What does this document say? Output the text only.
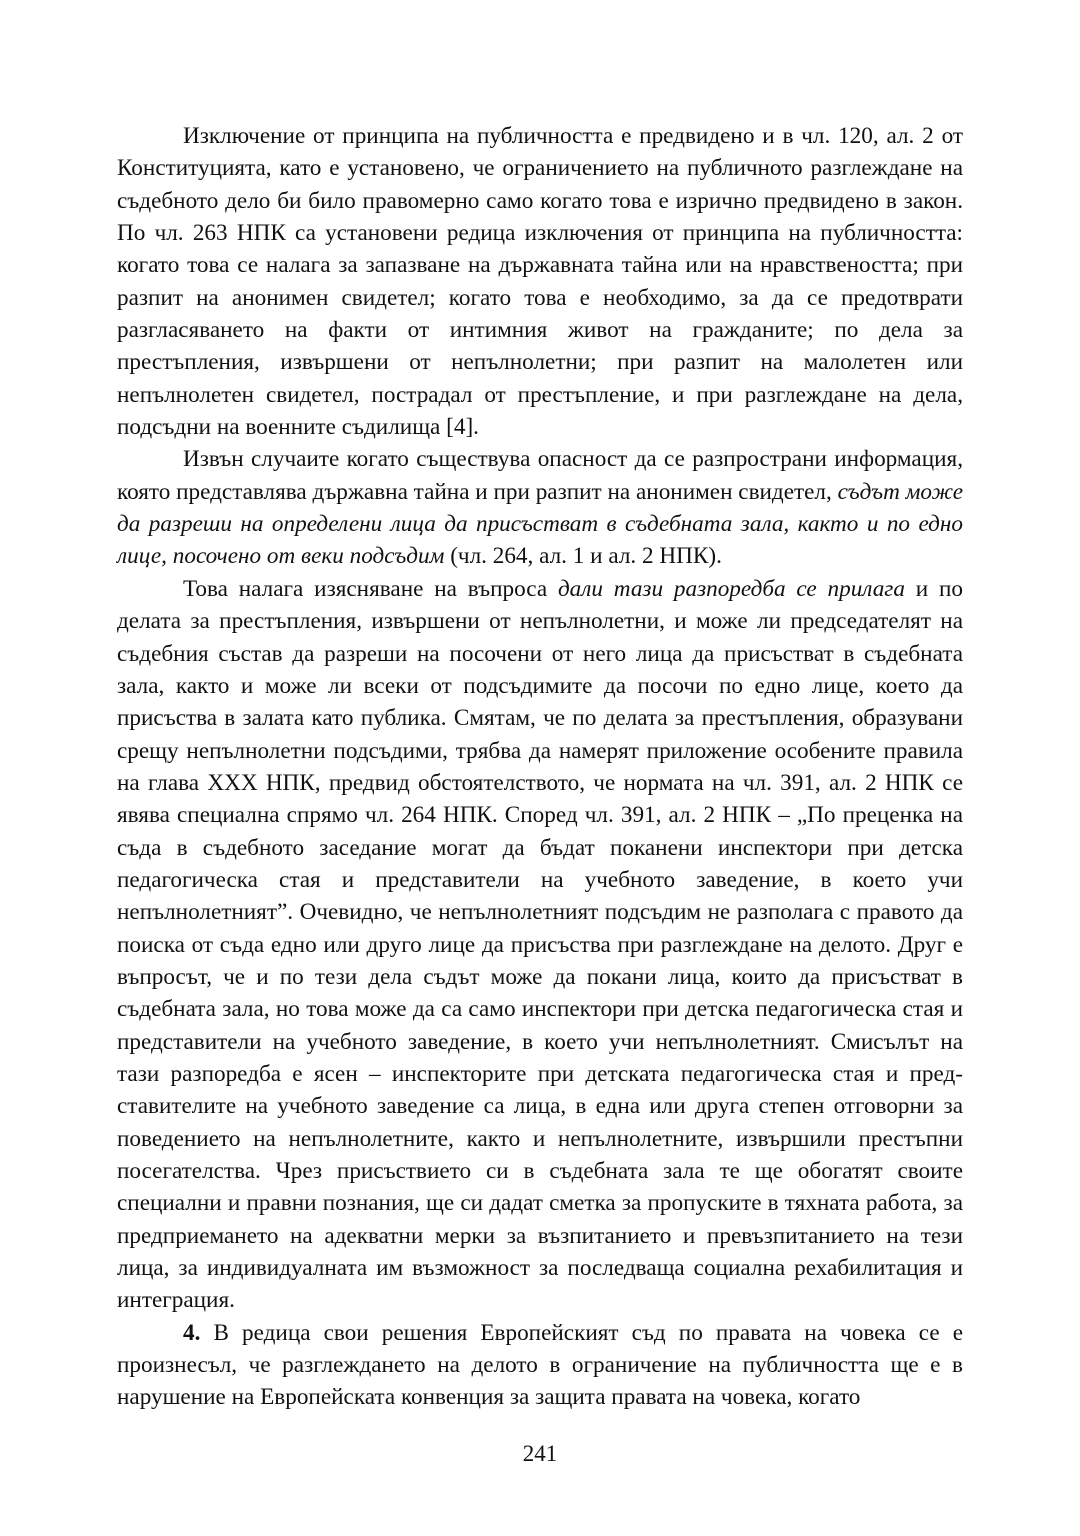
Изключение от принципа на публичността е предвидено и в чл. 120, ал. 2 от Конституцията, като е установено, че ограничението на публичното разглеждане на съдебното дело би било правомерно само когато това е изрично предвидено в закон. По чл. 263 НПК са установени редица изключения от принципа на публичността: когато това се налага за запазване на държавната тайна или на нравствеността; при разпит на анонимен свидетел; когато това е необходимо, за да се предотврати разгласяването на факти от интимния живот на гражданите; по дела за престъпления, извършени от непълнолетни; при разпит на малолетен или непълнолетен свидетел, пострадал от престъпление, и при разглеждане на дела, подсъдни на военните съдилища [4].

Извън случаите когато съществува опасност да се разпространи информация, която представлява държавна тайна и при разпит на анонимен свидетел, съдът може да разреши на определени лица да присъстват в съдебната зала, както и по едно лице, посочено от веки подсъдим (чл. 264, ал. 1 и ал. 2 НПК).

Това налага изясняване на въпроса дали тази разпоредба се прилага и по делата за престъпления, извършени от непълнолетни, и може ли председателят на съдебния състав да разреши на посочени от него лица да присъстват в съдебната зала, както и може ли всеки от подсъдимите да посочи по едно лице, което да присъства в залата като публика. Смятам, че по делата за престъпления, образувани срещу непълнолетни подсъдими, трябва да намерят приложение особените правила на глава XXX НПК, предвид обстоятелството, че нормата на чл. 391, ал. 2 НПК се явява специална спрямо чл. 264 НПК. Според чл. 391, ал. 2 НПК – „По преценка на съда в съдебното заседание могат да бъдат поканени инспектори при детска педагогическа стая и представители на учебното заведение, в което учи непълнолетният”. Очевидно, че непълнолетният подсъдим не разполага с правото да поиска от съда едно или друго лице да присъства при разглеждане на делото. Друг е въпросът, че и по тези дела съдът може да покани лица, които да присъстват в съдебната зала, но това може да са само инспектори при детска педагогическа стая и представители на учебното заведение, в което учи непълнолетният. Смисълът на тази разпоредба е ясен – инспекторите при детската педагогическа стая и представителите на учебното заведение са лица, в една или друга степен отговорни за поведението на непълнолетните, както и непълнолетните, извършили престъпни посегателства. Чрез присъствието си в съдебната зала те ще обогатят своите специални и правни познания, ще си дадат сметка за пропуските в тяхната работа, за предприемането на адекватни мерки за възпитанието и превъзпитанието на тези лица, за индивидуалната им възможност за последваща социална рехабилитация и интеграция.

4. В редица свои решения Европейският съд по правата на човека се е произнесъл, че разглеждането на делото в ограничение на публичността ще е в нарушение на Европейската конвенция за защита правата на човека, когато

241
